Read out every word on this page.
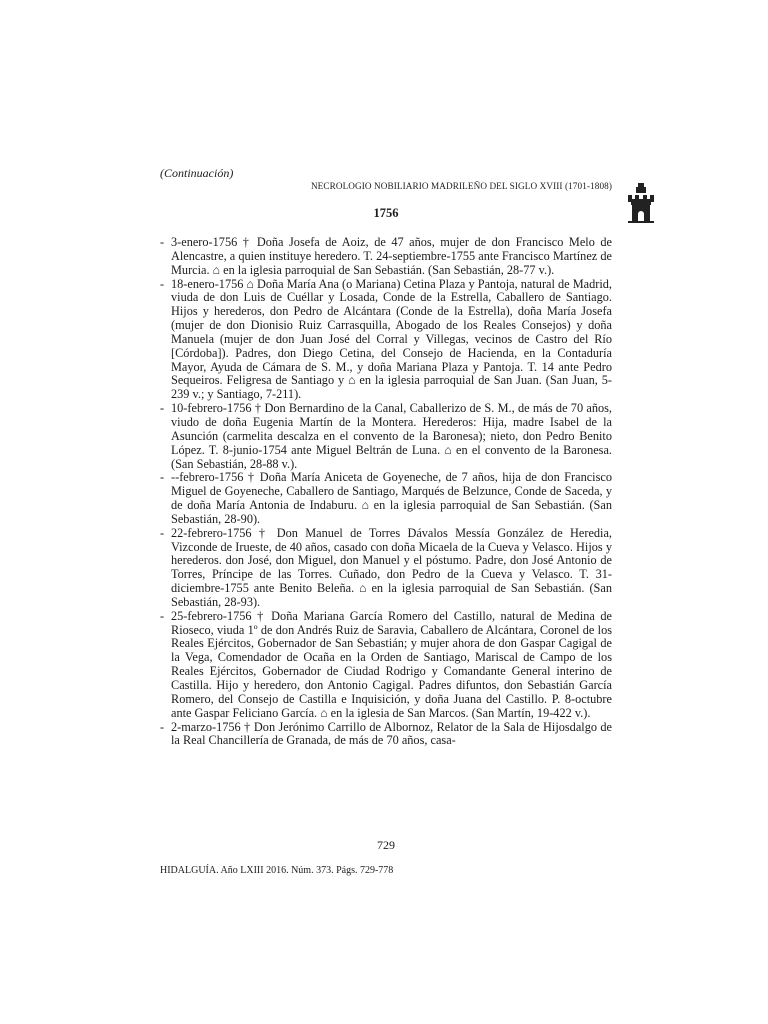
(Continuación)
NECROLOGIO NOBILIARIO MADRILEÑO DEL SIGLO XVIII (1701-1808)
1756
- 3-enero-1756 † Doña Josefa de Aoiz, de 47 años, mujer de don Francisco Melo de Alencastre, a quien instituye heredero. T. 24-septiembre-1755 ante Francisco Martínez de Murcia. ⌂ en la iglesia parroquial de San Sebastián. (San Sebastián, 28-77 v.).
- 18-enero-1756 ⌂ Doña María Ana (o Mariana) Cetina Plaza y Pantoja, natural de Madrid, viuda de don Luis de Cuéllar y Losada, Conde de la Estrella, Caballero de Santiago. Hijos y herederos, don Pedro de Alcántara (Conde de la Estrella), doña María Josefa (mujer de don Dionisio Ruiz Carrasquilla, Abogado de los Reales Consejos) y doña Manuela (mujer de don Juan José del Corral y Villegas, vecinos de Castro del Río [Córdoba]). Padres, don Diego Cetina, del Consejo de Hacienda, en la Contaduría Mayor, Ayuda de Cámara de S. M., y doña Mariana Plaza y Pantoja. T. 14 ante Pedro Sequeiros. Feligresa de Santiago y ⌂ en la iglesia parroquial de San Juan. (San Juan, 5-239 v.; y Santiago, 7-211).
- 10-febrero-1756 † Don Bernardino de la Canal, Caballerizo de S. M., de más de 70 años, viudo de doña Eugenia Martín de la Montera. Herederos: Hija, madre Isabel de la Asunción (carmelita descalza en el convento de la Baronesa); nieto, don Pedro Benito López. T. 8-junio-1754 ante Miguel Beltrán de Luna. ⌂ en el convento de la Baronesa. (San Sebastián, 28-88 v.).
- --febrero-1756 † Doña María Aniceta de Goyeneche, de 7 años, hija de don Francisco Miguel de Goyeneche, Caballero de Santiago, Marqués de Belzunce, Conde de Saceda, y de doña María Antonia de Indaburu. ⌂ en la iglesia parroquial de San Sebastián. (San Sebastián, 28-90).
- 22-febrero-1756 † Don Manuel de Torres Dávalos Messía González de Heredia, Vizconde de Irueste, de 40 años, casado con doña Micaela de la Cueva y Velasco. Hijos y herederos. don José, don Miguel, don Manuel y el póstumo. Padre, don José Antonio de Torres, Príncipe de las Torres. Cuñado, don Pedro de la Cueva y Velasco. T. 31-diciembre-1755 ante Benito Beleña. ⌂ en la iglesia parroquial de San Sebastián. (San Sebastián, 28-93).
- 25-febrero-1756 † Doña Mariana García Romero del Castillo, natural de Medina de Rioseco, viuda 1º de don Andrés Ruiz de Saravia, Caballero de Alcántara, Coronel de los Reales Ejércitos, Gobernador de San Sebastián; y mujer ahora de don Gaspar Cagigal de la Vega, Comendador de Ocaña en la Orden de Santiago, Mariscal de Campo de los Reales Ejércitos, Gobernador de Ciudad Rodrigo y Comandante General interino de Castilla. Hijo y heredero, don Antonio Cagigal. Padres difuntos, don Sebastián García Romero, del Consejo de Castilla e Inquisición, y doña Juana del Castillo. P. 8-octubre ante Gaspar Feliciano García. ⌂ en la iglesia de San Marcos. (San Martín, 19-422 v.).
- 2-marzo-1756 † Don Jerónimo Carrillo de Albornoz, Relator de la Sala de Hijosdalgo de la Real Chancillería de Granada, de más de 70 años, casa-
729
HIDALGUÍA. Año LXIII 2016. Núm. 373. Págs. 729-778
